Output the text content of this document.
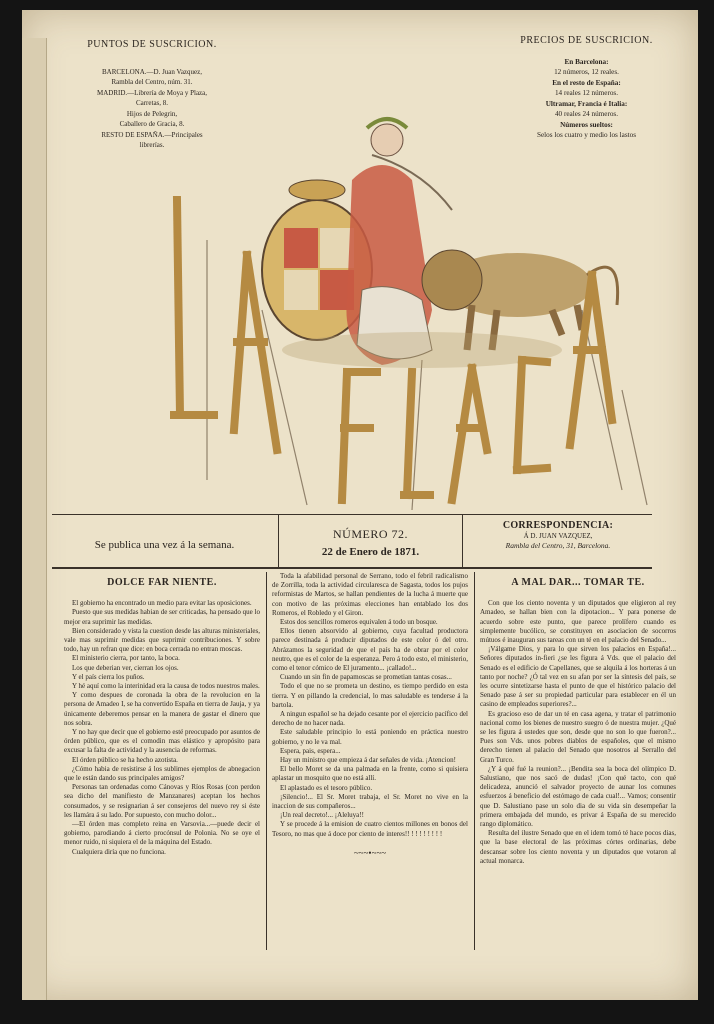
PUNTOS DE SUSCRICION.
BARCELONA.—D. Juan Vazquez,
Rambla del Centro, núm. 31.
MADRID.—Librería de Moya y Plaza,
Carretas, 8.
Hijos de Pelegrin,
Caballero de Gracia, 8.
RESTO DE ESPAÑA.—Principales
librerías.
PRECIOS DE SUSCRICION.
En Barcelona:
12 números, 12 reales.
En el resto de España:
14 reales 12 números.
Ultramar, Francia é Italia:
40 reales 24 números.
Números sueltos:
Selos los cuatro y medio los lastos
Se publica una vez á la semana.
NÚMERO 72.
22 de Enero de 1871.
CORRESPONDENCIA:
Á D. JUAN VAZQUEZ,
Rambla del Centro, 31, Barcelona.
DOLCE FAR NIENTE.

El gobierno ha encontrado un medio para evitar las oposiciones.

Puesto que sus medidas habian de ser criticadas, ha pensado que lo mejor era suprimir las medidas.

Bien considerado y vista la cuestion desde las alturas ministeriales, vale mas suprimir medidas que suprimir contribuciones. Y sobre todo, hay un refran que dice: en boca cerrada no entran moscas.

El ministerio cierra, por tanto, la boca.

Los que deberian ver, cierran los ojos.

Y el país cierra los puños.

Y hé aquí como la interinidad era la causa de todos nuestros males.

Y como despues de coronada la obra de la revolucion en la persona de Amadeo I, se ha convertido España en tierra de Jauja, y ya únicamente deberemos pensar en la manera de gastar el dinero que nos sobra.

Y no hay que decir que el gobierno esté preocupado por asuntos de órden público, que es el comodin mas elástico y apropósito para excusar la falta de actividad y la ausencia de reformas.

El órden público se ha hecho azotista.

¿Cómo habia de resistirse á los sublimes ejemplos de abnegacion que le están dando sus principales amigos?

Personas tan ordenadas como Cánovas y Ríos Rosas (con perdon sea dicho del manifiesto de Manzanares) aceptan los hechos consumados, y se resignarian á ser consejeros del nuevo rey si éste les llamára á su lado. Por supuesto, con mucho dolor...

—El órden mas completo reina en Varsovia...—puede decir el gobierno, parodiando á cierto procónsul de Polonia. No se oye el menor ruido, ni siquiera el de la máquina del Estado.

Cualquiera diría que no funciona.

Toda la afabilidad personal de Serrano, todo el febril radicalismo de Zorrilla, toda la actividad circularesca de Sagasta, todos los pujos reformistas de Martos, se hallan pendientes de la lucha á muerte que con motivo de las próximas elecciones han entablado los dos Romeros, el Robledo y el Giron.

Estos dos sencillos romeros equivalen á todo un bosque.

Ellos tienen absorvido al gobierno, cuya facultad productora parece destinada á producir diputados de este color ó del otro. Abrázamos la seguridad de que el país ha de obrar por el color neutro, que es el color de la esperanza. Pero á todo esto, el ministerio, como el tenor cómico de El juramento... ¡callado!...

Cuando un sin fin de papamoscas se prometian tantas cosas...

Todo el que no se prometa un destino, es tiempo perdido en esta tierra. Y en pillando la credencial, lo mas saludable es tenderse á la bartola.

A ningun español se ha dejado cesante por el ejercicio pacífico del derecho de no hacer nada.

Este saludable principio lo está poniendo en práctica nuestro gobierno, y no le va mal.

Espera, pais, espera...

Hay un ministro que empieza á dar señales de vida. ¡Atencion!

El bello Moret se da una palmada en la frente, como si quisiera aplastar un mosquito que no está allí.

El aplastado es el tesoro público.

¡Silencio!... El Sr. Moret trabaja, el Sr. Moret no vive en la inaccion de sus compañeros...

¡Un real decreto!... ¡Aleluya!!

Y se procede á la emision de cuatro cientos millones en bonos del Tesoro, no mas que á doce por ciento de interes!! ! ! ! ! ! ! ! !

~~~•~~~

A MAL DAR... TOMAR TE.

Con que los ciento noventa y un diputados que eligieron al rey Amadeo, se hallan bien con la dipotacion... Y para ponerse de acuerdo sobre este punto, que parece prolífero cuando es simplemente bucólico, se constituyen en asociacion de socorros mútuos é inauguran sus tareas con un té en el palacio del Senado...

¡Válgame Dios, y para lo que sirven los palacios en España!... Señores diputados in-fieri ¿se les figura á Vds. que el palacio del Senado es el edificio de Capellanes, que se alquila á los horteras á un tanto por noche? ¿Ó tal vez en su afan por ser la síntesis del país, se les ocurre sintetizarse hasta el punto de que el histórico palacio del Senado pase á ser su propiedad particular para establecer en él un casino de empleados superiores?...

Es gracioso eso de dar un té en casa agena, y tratar el patrimonio nacional como los bienes de nuestro suegro ó de nuestra mujer. ¿Qué se les figura á ustedes que son, desde que no son lo que fueron?... Pues son Vds. unos pobres diablos de españoles, que el mismo derecho tienen al palacio del Senado que nosotros al Serrallo del Gran Turco.

¿Y á qué fué la reunion?... ¡Bendita sea la boca del olímpico D. Salustiano, que nos sacó de dudas! ¡Con qué tacto, con qué delicadeza, anunció el salvador proyecto de aunar los comunes esfuerzos á beneficio del estómago de cada cual!... Vamos; consentir que D. Salustiano pase un solo dia de su vida sin desempeñar la primera embajada del mundo, es privar á España de su merecido rango diplomático.

Resulta del ilustre Senado que en el idem tomó té hace pocos dias, que la base electoral de las próximas córtes ordinarias, debe descansar sobre los ciento noventa y un diputados que votaron al actual monarca.
